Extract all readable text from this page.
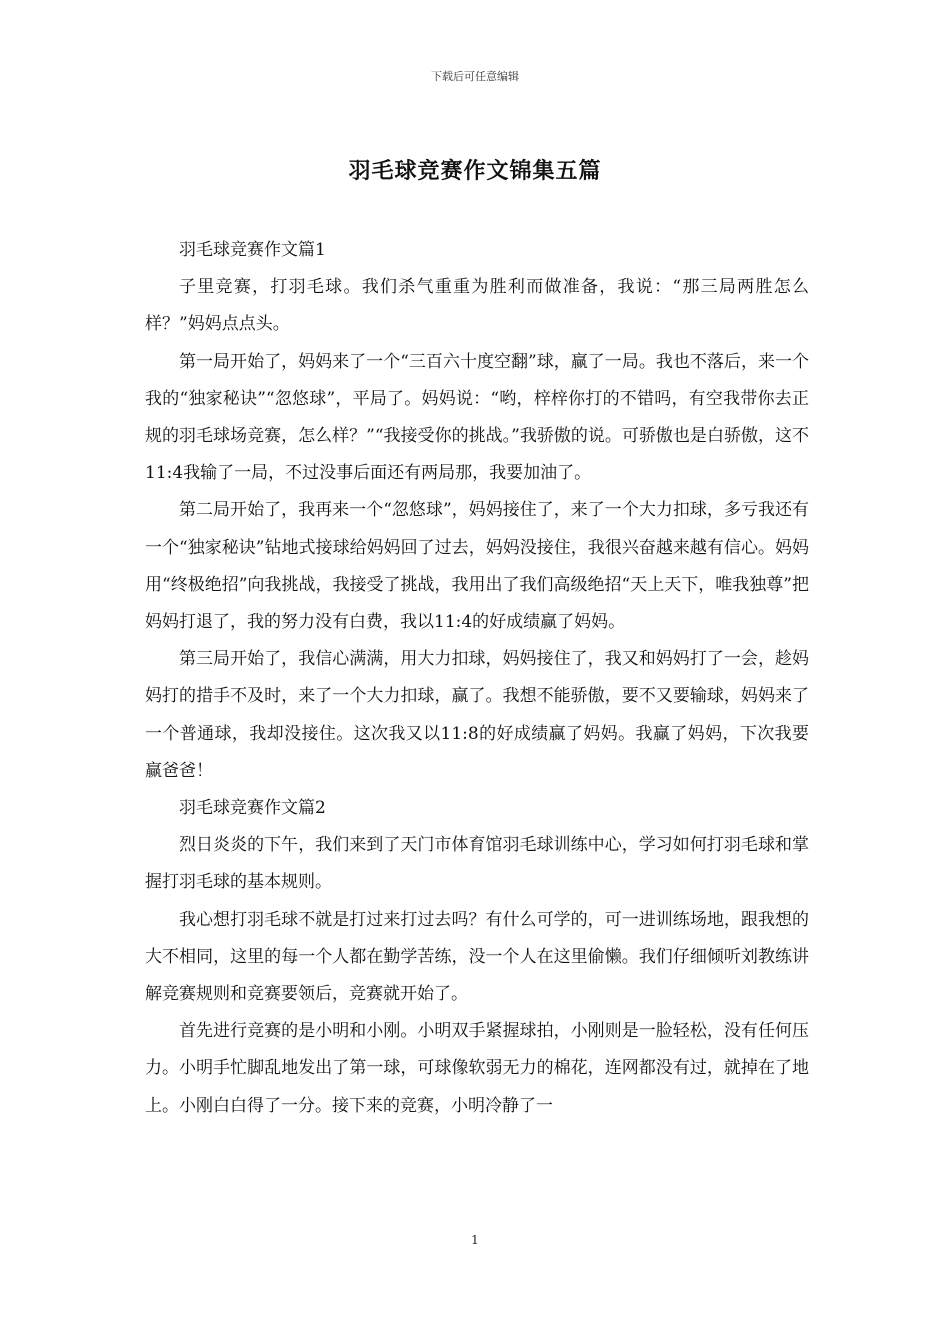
下载后可任意编辑
羽毛球竞赛作文锦集五篇

羽毛球竞赛作文篇1

子里竞赛，打羽毛球。我们杀气重重为胜利而做准备，我说：“那三局两胜怎么样？”妈妈点点头。

第一局开始了，妈妈来了一个“三百六十度空翻”球，赢了一局。我也不落后，来一个我的“独家秘诀”“忽悠球”，平局了。妈妈说：“哟，梓梓你打的不错吗，有空我带你去正规的羽毛球场竞赛，怎么样？”“我接受你的挑战。”我骄傲的说。可骄傲也是白骄傲，这不11:4我输了一局，不过没事后面还有两局那，我要加油了。

第二局开始了，我再来一个“忽悠球”，妈妈接住了，来了一个大力扣球，多亏我还有一个“独家秘诀”钻地式接球给妈妈回了过去，妈妈没接住，我很兴奋越来越有信心。妈妈用“终极绝招”向我挑战，我接受了挑战，我用出了我们高级绝招“天上天下，唯我独尊”把妈妈打退了，我的努力没有白费，我以11:4的好成绩赢了妈妈。

第三局开始了，我信心满满，用大力扣球，妈妈接住了，我又和妈妈打了一会，趁妈妈打的措手不及时，来了一个大力扣球，赢了。我想不能骄傲，要不又要输球，妈妈来了一个普通球，我却没接住。这次我又以11:8的好成绩赢了妈妈。我赢了妈妈，下次我要赢爸爸！

羽毛球竞赛作文篇2

烈日炎炎的下午，我们来到了天门市体育馆羽毛球训练中心，学习如何打羽毛球和掌握打羽毛球的基本规则。

我心想打羽毛球不就是打过来打过去吗？有什么可学的，可一进训练场地，跟我想的大不相同，这里的每一个人都在勤学苦练，没一个人在这里偷懒。我们仔细倾听刘教练讲解竞赛规则和竞赛要领后，竞赛就开始了。

首先进行竞赛的是小明和小刚。小明双手紧握球拍，小刚则是一脸轻松，没有任何压力。小明手忙脚乱地发出了第一球，可球像软弱无力的棉花，连网都没有过，就掉在了地上。小刚白白得了一分。接下来的竞赛，小明冷静了一

1
